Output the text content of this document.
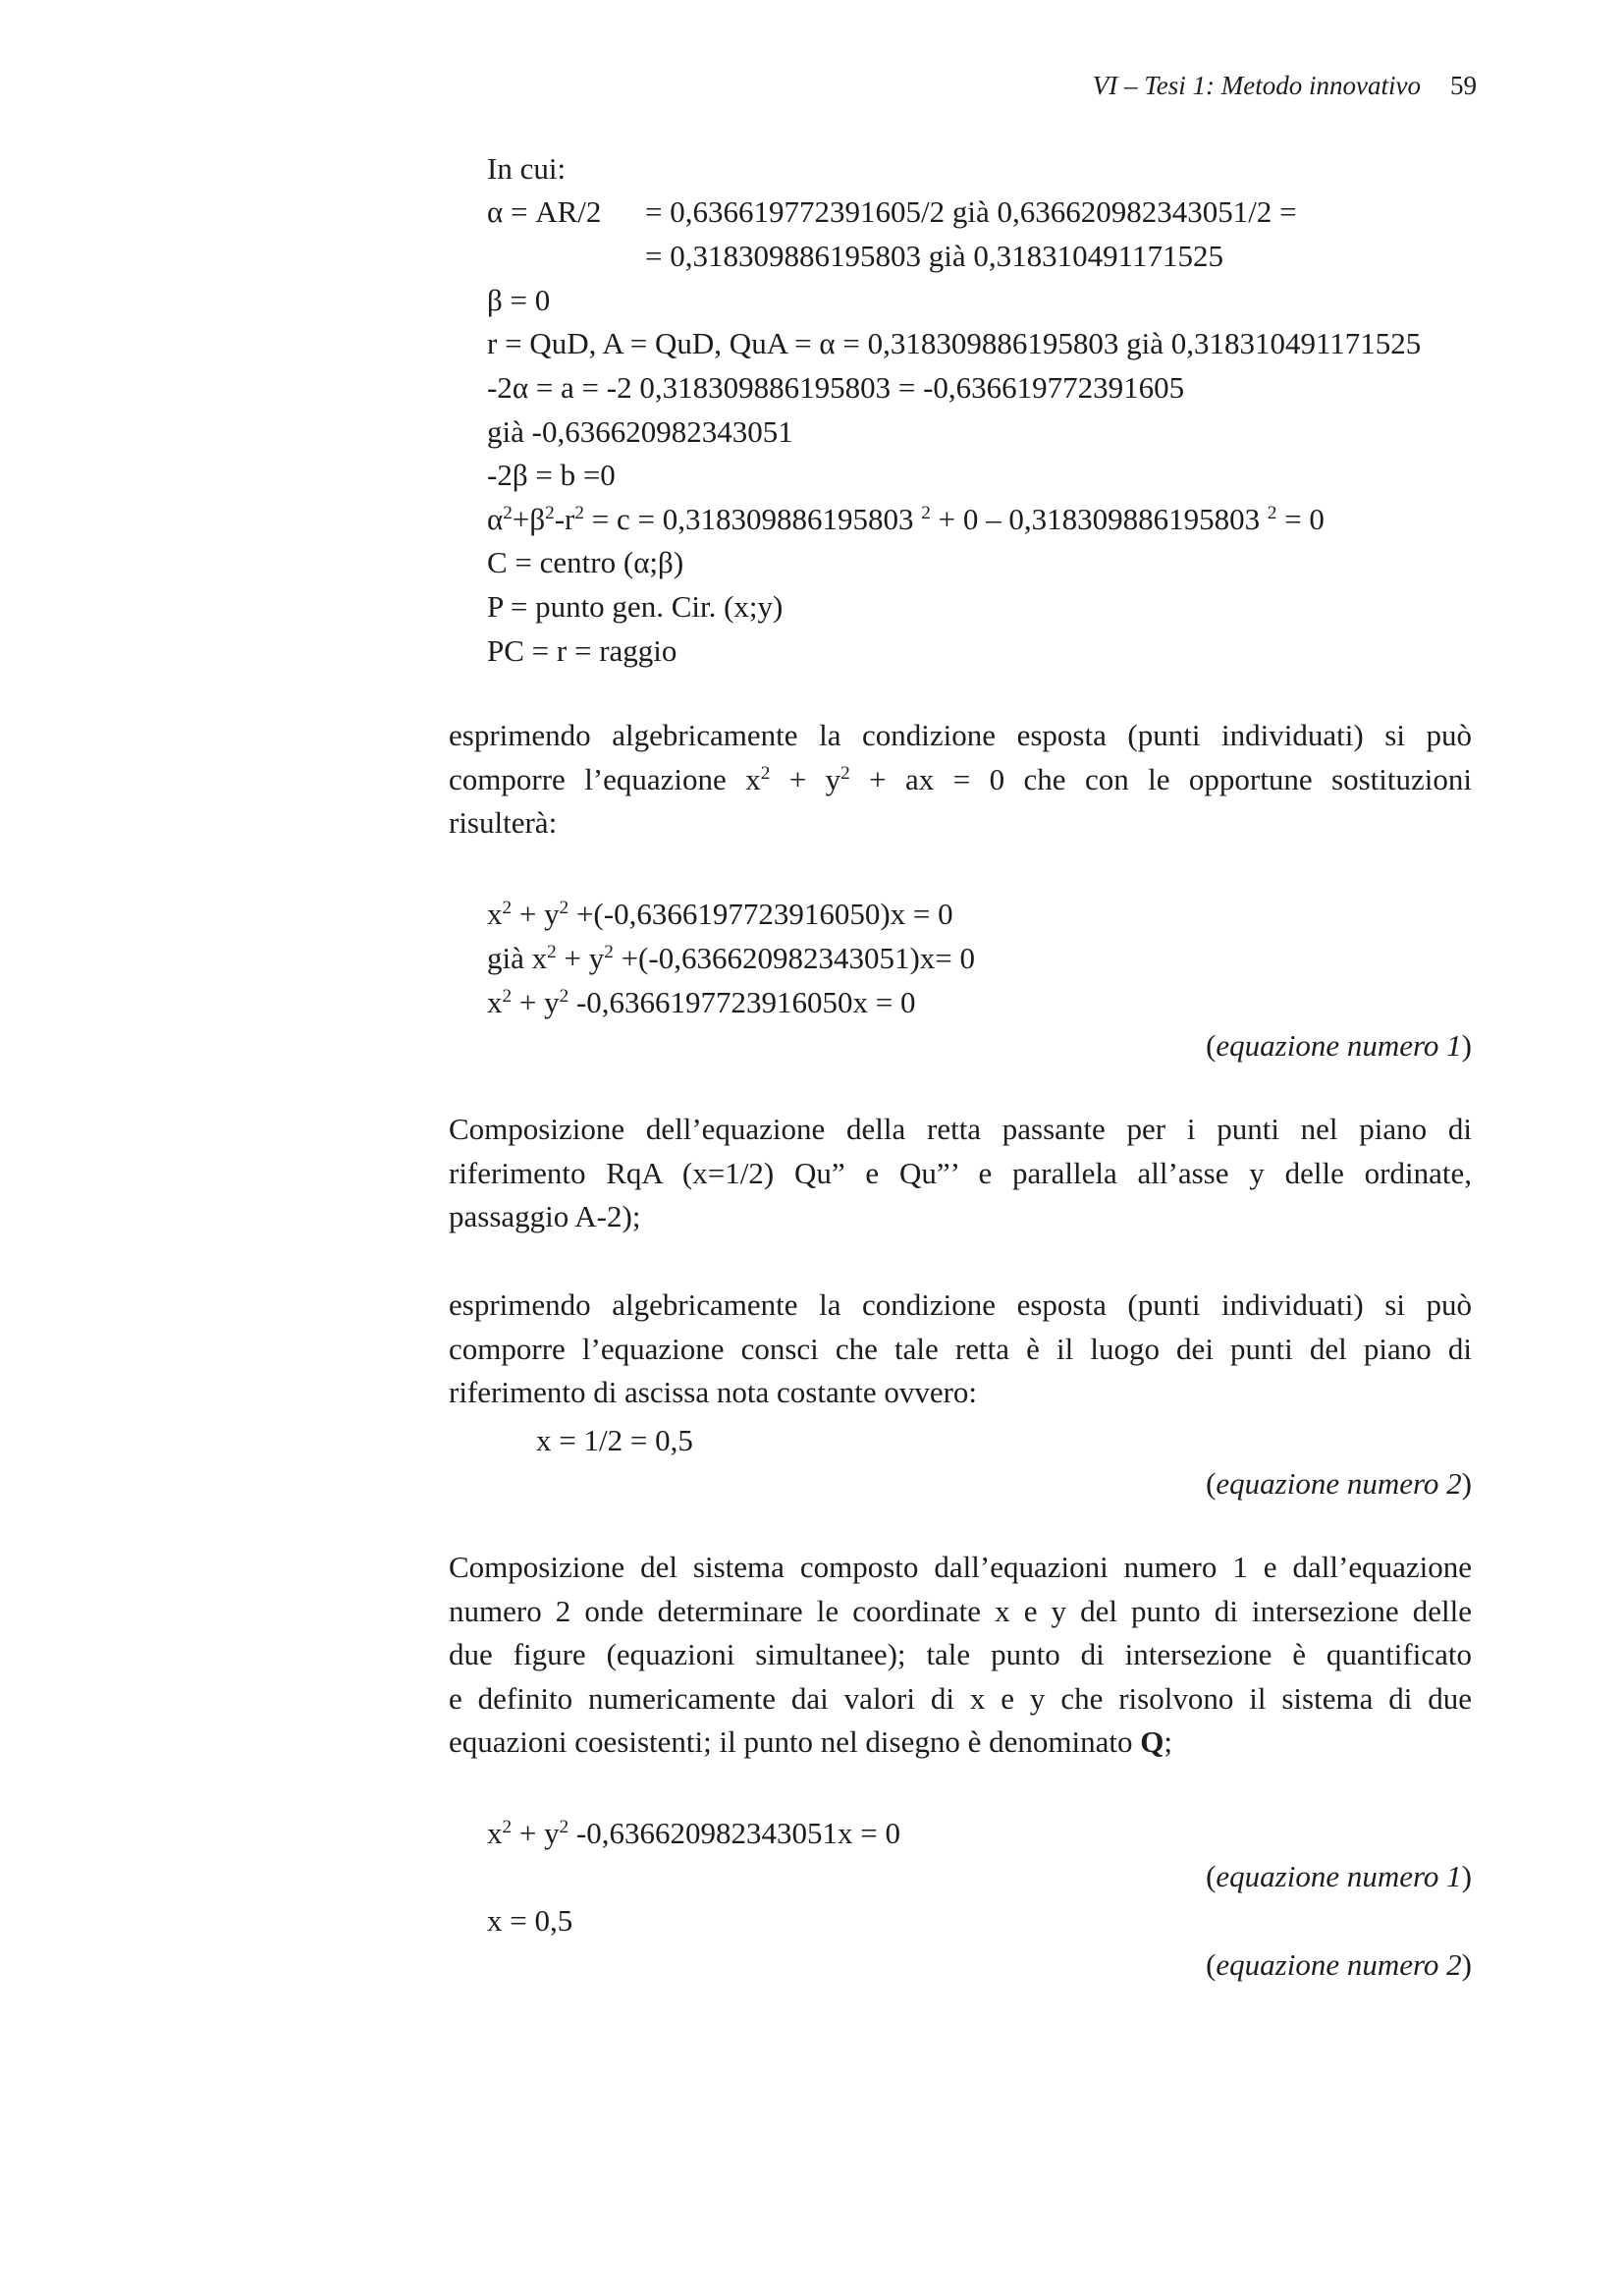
VI – Tesi 1: Metodo innovativo 59
In cui:
α = AR/2 = 0,636619772391605/2 già 0,636620982343051/2 =
= 0,318309886195803 già 0,318310491171525
β = 0
r = QuD, A = QuD, QuA = α = 0,318309886195803 già 0,318310491171525
-2α = a = -2 0,318309886195803 = -0,636619772391605
già -0,636620982343051
-2β = b =0
$\alpha^2+\beta^2-r^2 = c = 0,318309886195803$ $^2$ + 0 – 0,318309886195803 $^2$ = 0
C = centro (α;β)
P = punto gen. Cir. (x;y)
PC = r = raggio
esprimendo algebricamente la condizione esposta (punti individuati) si può
comporre l’equazione $x^2 + y^2$ + ax = 0 che con le opportune sostituzioni
risulterà:
$x^2 + y^2 +(-0,6366197723916050)x = 0$
già $x^2 + y^2 +(-0,636620982343051)x= 0$
$x^2 + y^2$ -0,6366197723916050x = 0
(equazione numero 1)
Composizione dell’equazione della retta passante per i punti nel piano di
riferimento RqA (x=1/2) Qu” e Qu”’ e parallela all’asse y delle ordinate,
passaggio A-2);
esprimendo algebricamente la condizione esposta (punti individuati) si può
comporre l’equazione consci che tale retta è il luogo dei punti del piano di
riferimento di ascissa nota costante ovvero:
x = 1/2 = 0,5
(equazione numero 2)
Composizione del sistema composto dall’equazioni numero 1 e dall’equazione
numero 2 onde determinare le coordinate x e y del punto di intersezione delle
due figure (equazioni simultanee); tale punto di intersezione è quantificato
e definito numericamente dai valori di x e y che risolvono il sistema di due
equazioni coesistenti; il punto nel disegno è denominato Q;
$x^2 + y^2$ -0,636620982343051x = 0
(equazione numero 1)
x = 0,5
(equazione numero 2)
